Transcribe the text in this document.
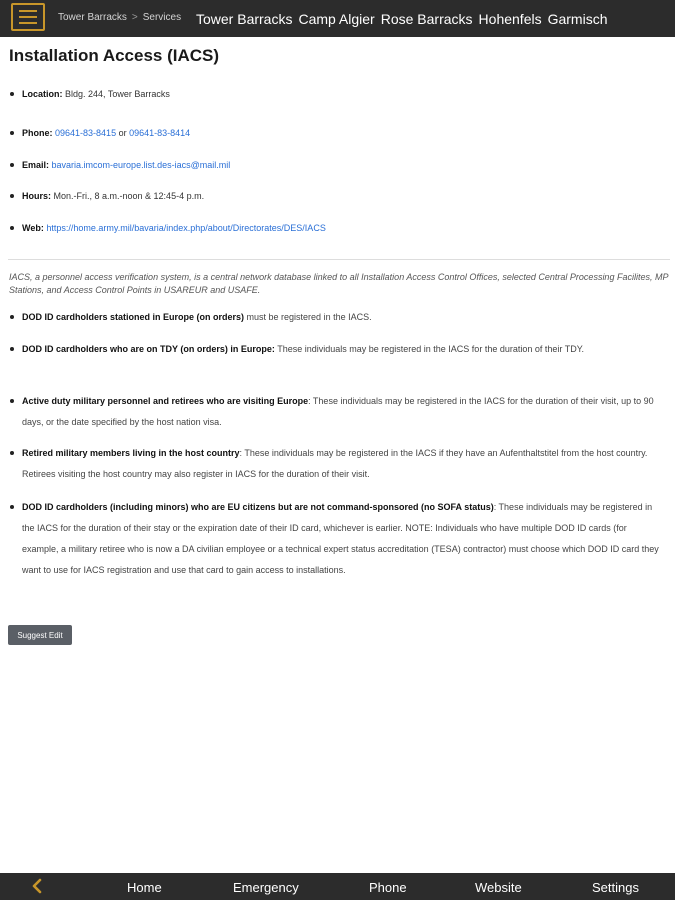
Tower Barracks > Services Tower Barracks Camp Algier Rose Barracks Hohenfels Garmisch
Installation Access (IACS)
Location: Bldg. 244, Tower Barracks
Phone: 09641-83-8415 or 09641-83-8414
Email: bavaria.imcom-europe.list.des-iacs@mail.mil
Hours: Mon.-Fri., 8 a.m.-noon & 12:45-4 p.m.
Web: https://home.army.mil/bavaria/index.php/about/Directorates/DES/IACS

IACS, a personnel access verification system, is a central network database linked to all Installation Access Control Offices, selected Central Processing Facilites, MP Stations, and Access Control Points in USAREUR and USAFE.

DOD ID cardholders stationed in Europe (on orders) must be registered in the IACS.
DOD ID cardholders who are on TDY (on orders) in Europe: These individuals may be registered in the IACS for the duration of their TDY.
Active duty military personnel and retirees who are visiting Europe: These individuals may be registered in the IACS for the duration of their visit, up to 90 days, or the date specified by the host nation visa.
Retired military members living in the host country: These individuals may be registered in the IACS if they have an Aufenthaltstitel from the host country. Retirees visiting the host country may also register in IACS for the duration of their visit.
DOD ID cardholders (including minors) who are EU citizens but are not command-sponsored (no SOFA status): These individuals may be registered in the IACS for the duration of their stay or the expiration date of their ID card, whichever is earlier. NOTE: Individuals who have multiple DOD ID cards (for example, a military retiree who is now a DA civilian employee or a technical expert status accreditation (TESA) contractor) must choose which DOD ID card they want to use for IACS registration and use that card to gain access to installations.
Suggest Edit
Home	Emergency	Phone	Website	Settings
